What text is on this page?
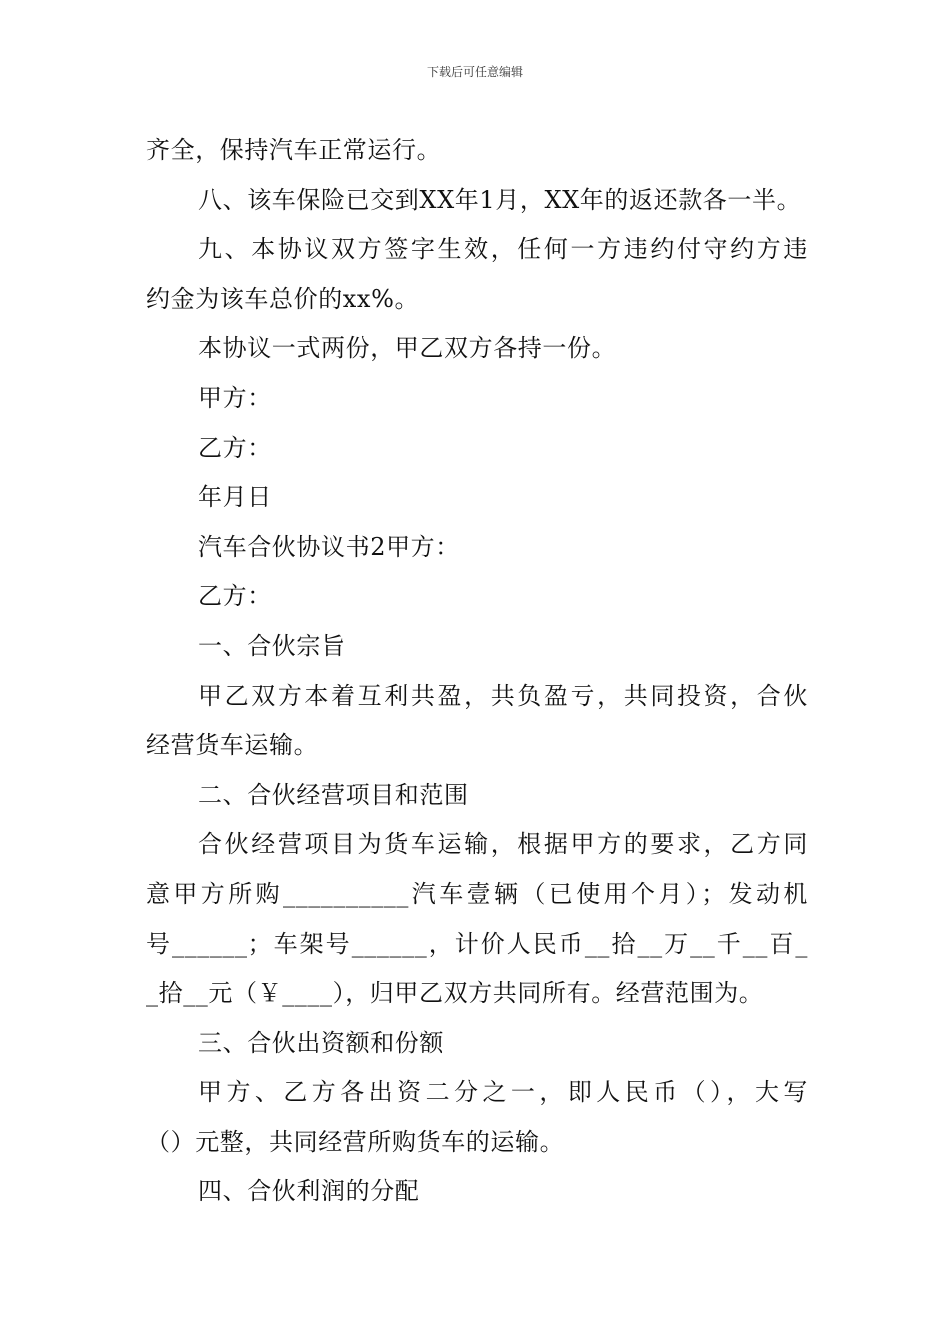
下载后可任意编辑
齐全，保持汽车正常运行。
八、该车保险已交到XX年1月，XX年的返还款各一半。
九、本协议双方签字生效，任何一方违约付守约方违
约金为该车总价的xx%。
本协议一式两份，甲乙双方各持一份。
甲方：
乙方：
年月日
汽车合伙协议书2甲方：
乙方：
一、合伙宗旨
甲乙双方本着互利共盈，共负盈亏，共同投资，合伙
经营货车运输。
二、合伙经营项目和范围
合伙经营项目为货车运输，根据甲方的要求，乙方同
意甲方所购__________汽车壹辆（已使用个月）；发动机
号______；车架号______，计价人民币__拾__万__千__百_
_拾__元（￥____），归甲乙双方共同所有。经营范围为。
三、合伙出资额和份额
甲方、乙方各出资二分之一，即人民币（），大写
（）元整，共同经营所购货车的运输。
四、合伙利润的分配
